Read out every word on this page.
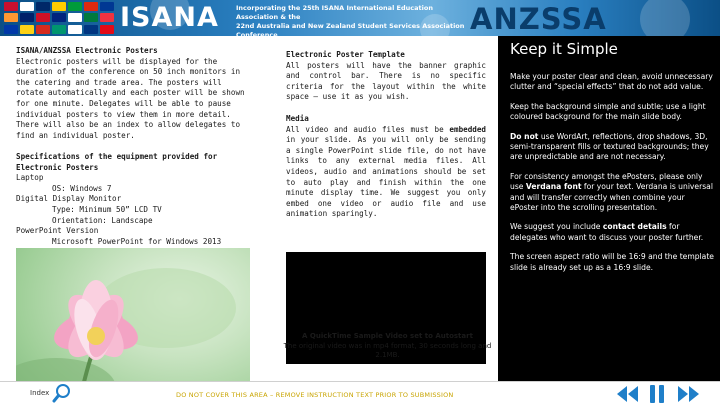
ISANA	Incorporating the 25th ISANA International Education Association & the
22nd Australia and New Zealand Student Services Association Conference	ANZSSA
ISANA/ANZSSA Electronic Posters
Electronic posters will be displayed for the duration of the conference on 50 inch monitors in the catering and trade area. The posters will rotate automatically and each poster will be shown for one minute. Delegates will be able to pause individual posters to view them in more detail. There will also be an index to allow delegates to find an individual poster.
Specifications of the equipment provided for Electronic Posters
Laptop
OS: Windows 7
Digital Display Monitor
Type: Minimum 50” LCD TV
Orientation: Landscape
PowerPoint Version
Microsoft PowerPoint for Windows 2013
Electronic Poster Template
All posters will have the banner graphic and control bar. There is no specific criteria for the layout within the white space – use it as you wish.
Media
All video and audio files must be embedded in your slide. As you will only be sending a single PowerPoint slide file, do not have links to any external media files. All videos, audio and animations should be set to auto play and finish within the one minute display time. We suggest you only embed one video or audio file and use animation sparingly.
A QuickTime Sample Video set to Autostart
The original video was in mp4 format, 30 seconds long and 2.1MB.
Keep it Simple

Make your poster clear and clean, avoid unnecessary clutter and “special effects” that do not add value.

Keep the background simple and subtle; use a light coloured background for the main slide body.

Do not use WordArt, reflections, drop shadows, 3D, semi-transparent fills or textured backgrounds; they are unpredictable and are not necessary.

For consistency amongst the ePosters, please only use Verdana font for your text. Verdana is universal and will transfer correctly when combine your ePoster into the scrolling presentation.

We suggest you include contact details for delegates who want to discuss your poster further.

The screen aspect ratio will be 16:9 and the template slide is already set up as a 16:9 slide.

Index	DO NOT COVER THIS AREA – REMOVE INSTRUCTION TEXT PRIOR TO SUBMISSION
